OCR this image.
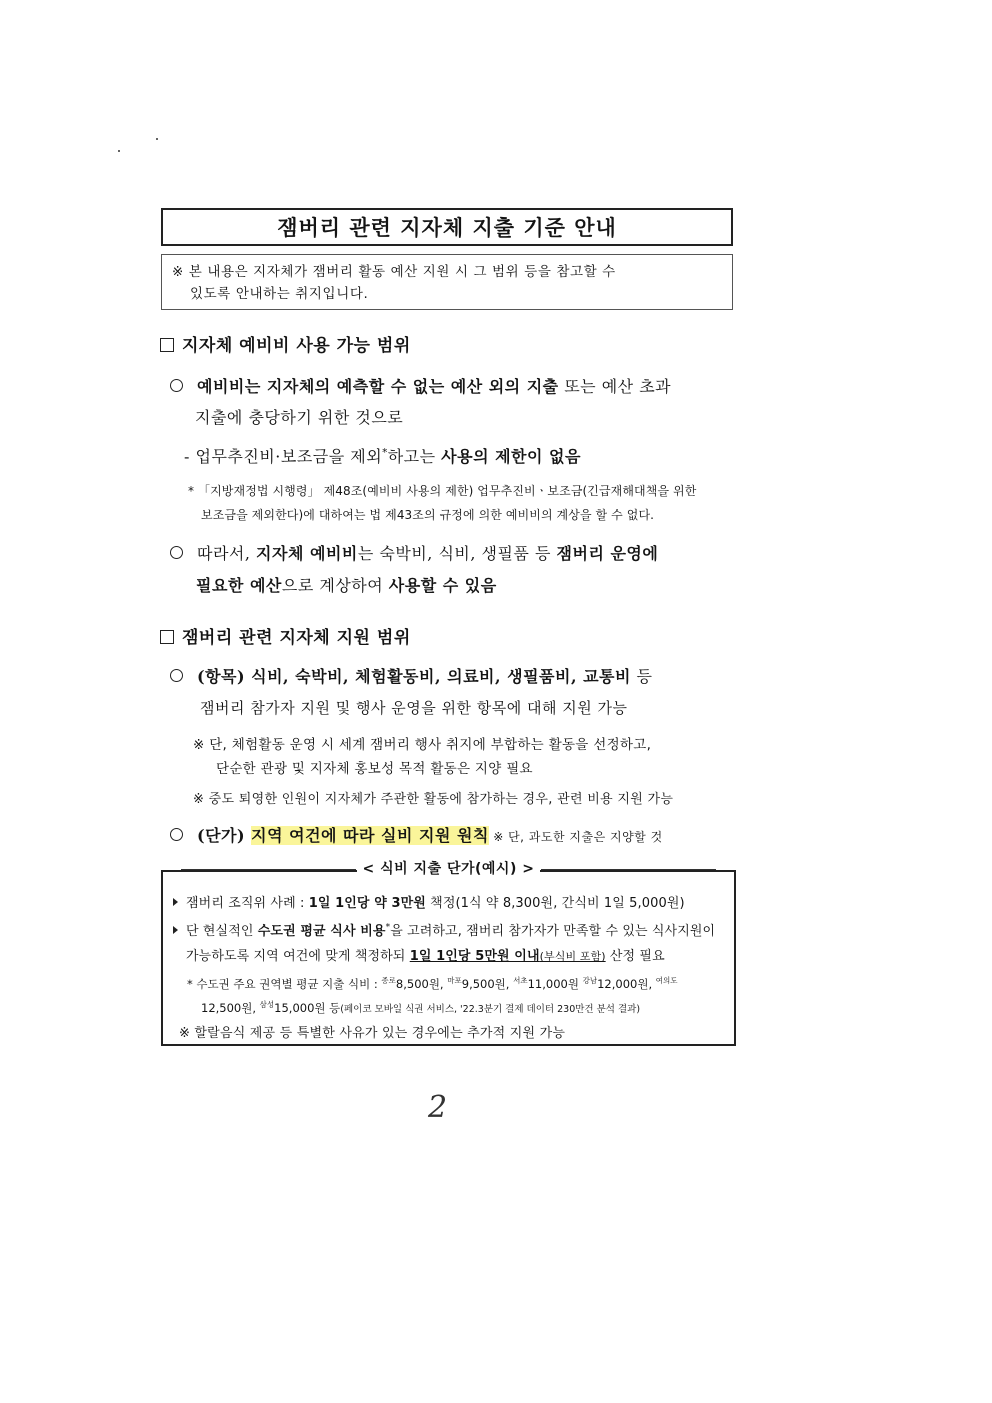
잼버리 관련 지자체 지출 기준 안내
※ 본 내용은 지자체가 잼버리 활동 예산 지원 시 그 범위 등을 참고할 수
있도록 안내하는 취지입니다.
지자체 예비비 사용 가능 범위
예비비는 지자체의 예측할 수 없는 예산 외의 지출 또는 예산 초과
지출에 충당하기 위한 것으로
- 업무추진비·보조금을 제외*하고는 사용의 제한이 없음
* 「지방재정법 시행령」 제48조(예비비 사용의 제한) 업무추진비ㆍ보조금(긴급재해대책을 위한
보조금을 제외한다)에 대하여는 법 제43조의 규정에 의한 예비비의 계상을 할 수 없다.
따라서, 지자체 예비비는 숙박비, 식비, 생필품 등 잼버리 운영에
필요한 예산으로 계상하여 사용할 수 있음
잼버리 관련 지자체 지원 범위
(항목) 식비, 숙박비, 체험활동비, 의료비, 생필품비, 교통비 등
잼버리 참가자 지원 및 행사 운영을 위한 항목에 대해 지원 가능
※ 단, 체험활동 운영 시 세계 잼버리 행사 취지에 부합하는 활동을 선정하고,
단순한 관광 및 지자체 홍보성 목적 활동은 지양 필요
※ 중도 퇴영한 인원이 지자체가 주관한 활동에 참가하는 경우, 관련 비용 지원 가능
(단가) 지역 여건에 따라 실비 지원 원칙 ※ 단, 과도한 지출은 지양할 것
잼버리 조직위 사례 : 1일 1인당 약 3만원 책정(1식 약 8,300원, 간식비 1일 5,000원)
단 현실적인 수도권 평균 식사 비용*을 고려하고, 잼버리 참가자가 만족할 수 있는 식사지원이
가능하도록 지역 여건에 맞게 책정하되 1일 1인당 5만원 이내(부식비 포함) 산정 필요
* 수도권 주요 권역별 평균 지출 식비 : $^{종로}$8,500원, $^{마포}$9,500원, $^{서초}$11,000원 $^{강남}$12,000원, $^{여의도}$
12,500원, $^{삼성}$15,000원 등(페이코 모바일 식권 서비스, '22.3분기 결제 데이터 230만건 분석 결과)
※ 할랄음식 제공 등 특별한 사유가 있는 경우에는 추가적 지원 가능
< 식비 지출 단가(예시) >
2
